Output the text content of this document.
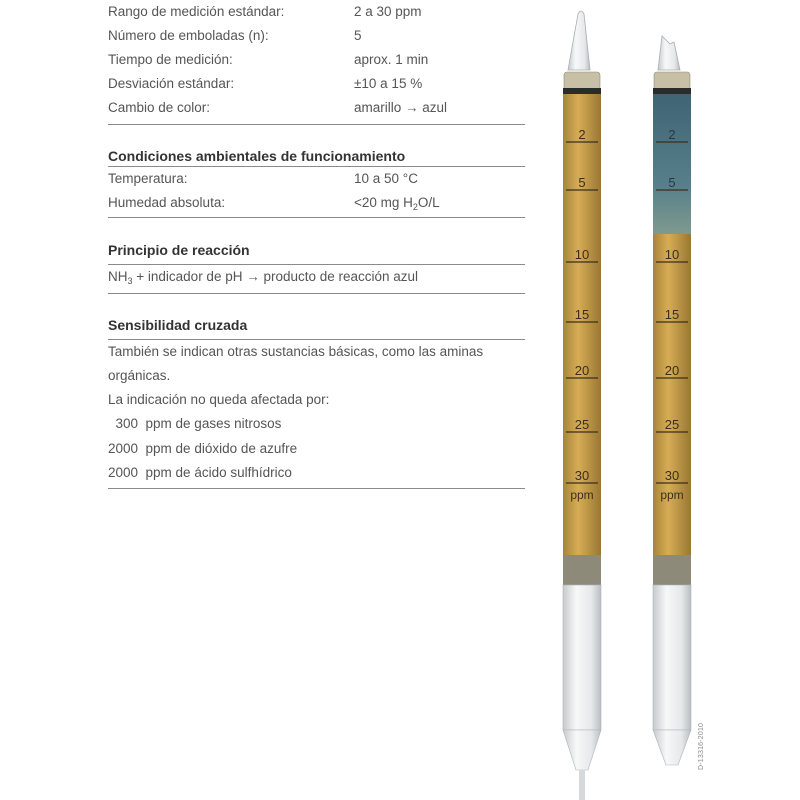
Rango de medición estándar:	2 a 30 ppm
Número de emboladas (n):	5
Tiempo de medición:	aprox. 1 min
Desviación estándar:	±10 a 15 %
Cambio de color:	amarillo → azul
Condiciones ambientales de funcionamiento
Temperatura:	10 a 50 °C
Humedad absoluta:	<20 mg $H_2O/L$
Principio de reacción
$NH_3$ + indicador de pH → producto de reacción azul
Sensibilidad cruzada
También se indican otras sustancias básicas, como las aminas
orgánicas.
La indicación no queda afectada por:
300  ppm de gases nitrosos
2000  ppm de dióxido de azufre
2000  ppm de ácido sulfhídrico
2
5
10
15
20
25
30
ppm
2
5
10
15
20
25
30
ppm
D-13316-2010
